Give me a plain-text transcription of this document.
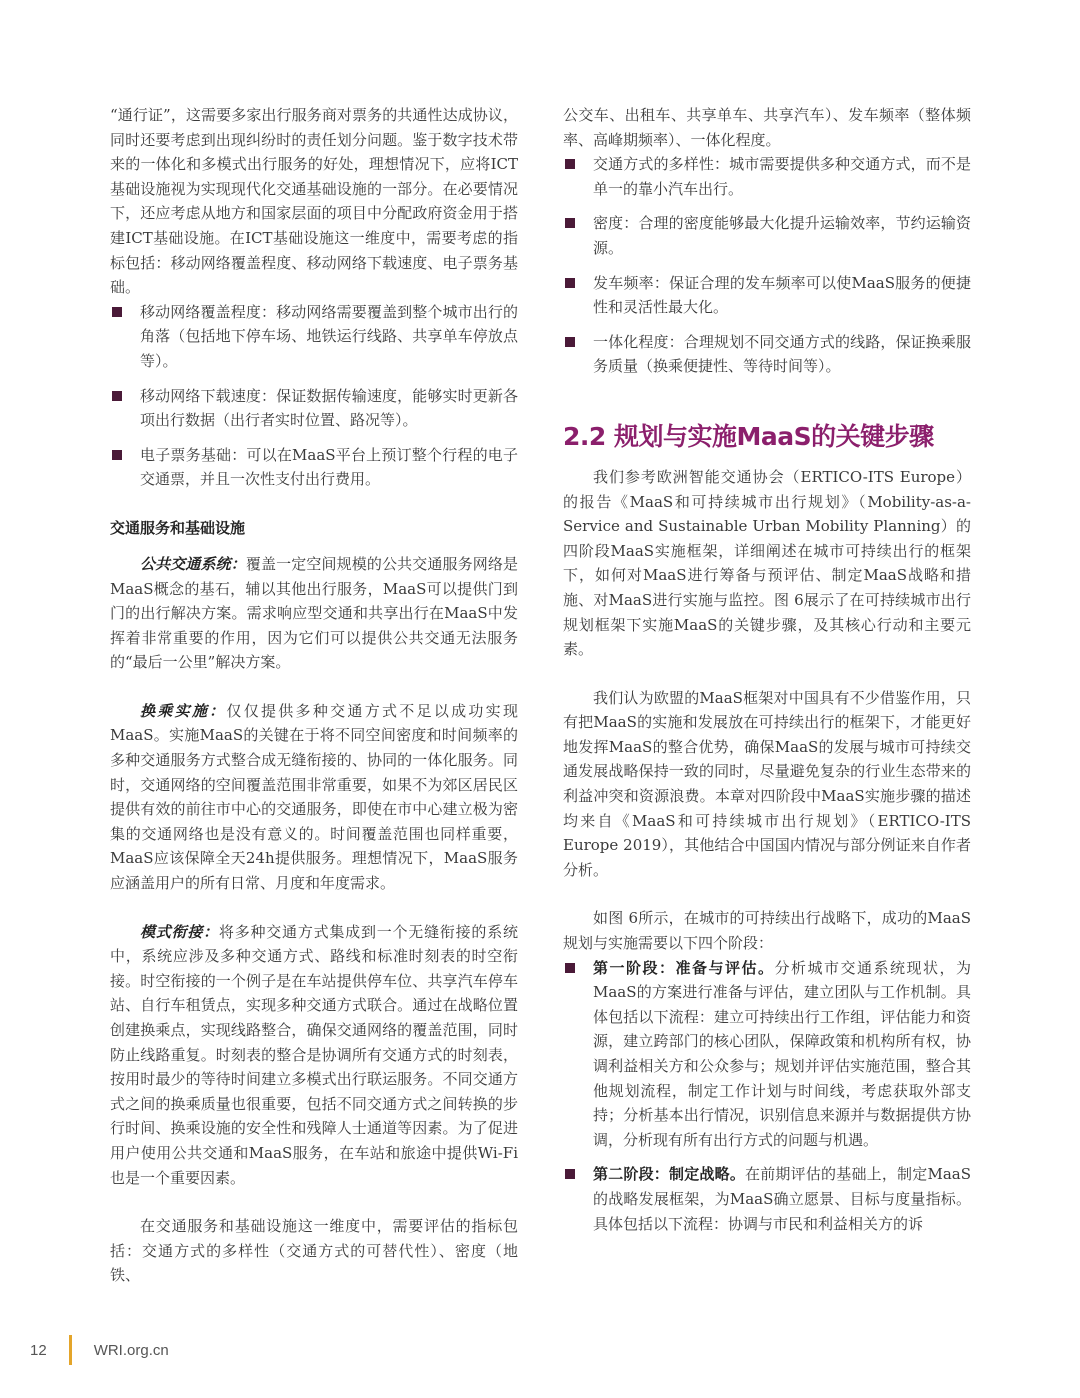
“通行证”，这需要多家出行服务商对票务的共通性达成协议，同时还要考虑到出现纠纷时的责任划分问题。鉴于数字技术带来的一体化和多模式出行服务的好处，理想情况下，应将ICT基础设施视为实现现代化交通基础设施的一部分。在必要情况下，还应考虑从地方和国家层面的项目中分配政府资金用于搭建ICT基础设施。在ICT基础设施这一维度中，需要考虑的指标包括：移动网络覆盖程度、移动网络下载速度、电子票务基础。

移动网络覆盖程度：移动网络需要覆盖到整个城市出行的角落（包括地下停车场、地铁运行线路、共享单车停放点等）。
移动网络下载速度：保证数据传输速度，能够实时更新各项出行数据（出行者实时位置、路况等）。
电子票务基础：可以在MaaS平台上预订整个行程的电子交通票，并且一次性支付出行费用。
交通服务和基础设施

公共交通系统：覆盖一定空间规模的公共交通服务网络是MaaS概念的基石，辅以其他出行服务，MaaS可以提供门到门的出行解决方案。需求响应型交通和共享出行在MaaS中发挥着非常重要的作用，因为它们可以提供公共交通无法服务的“最后一公里”解决方案。

换乘实施：仅仅提供多种交通方式不足以成功实现MaaS。实施MaaS的关键在于将不同空间密度和时间频率的多种交通服务方式整合成无缝衔接的、协同的一体化服务。同时，交通网络的空间覆盖范围非常重要，如果不为郊区居民区提供有效的前往市中心的交通服务，即使在市中心建立极为密集的交通网络也是没有意义的。时间覆盖范围也同样重要，MaaS应该保障全天24h提供服务。理想情况下，MaaS服务应涵盖用户的所有日常、月度和年度需求。

模式衔接：将多种交通方式集成到一个无缝衔接的系统中，系统应涉及多种交通方式、路线和标准时刻表的时空衔接。时空衔接的一个例子是在车站提供停车位、共享汽车停车站、自行车租赁点，实现多种交通方式联合。通过在战略位置创建换乘点，实现线路整合，确保交通网络的覆盖范围，同时防止线路重复。时刻表的整合是协调所有交通方式的时刻表，按用时最少的等待时间建立多模式出行联运服务。不同交通方式之间的换乘质量也很重要，包括不同交通方式之间转换的步行时间、换乘设施的安全性和残障人士通道等因素。为了促进用户使用公共交通和MaaS服务，在车站和旅途中提供Wi-Fi也是一个重要因素。

在交通服务和基础设施这一维度中，需要评估的指标包括：交通方式的多样性（交通方式的可替代性）、密度（地铁、

公交车、出租车、共享单车、共享汽车）、发车频率（整体频率、高峰期频率）、一体化程度。

交通方式的多样性：城市需要提供多种交通方式，而不是单一的靠小汽车出行。
密度：合理的密度能够最大化提升运输效率，节约运输资源。
发车频率：保证合理的发车频率可以使MaaS服务的便捷性和灵活性最大化。
一体化程度：合理规划不同交通方式的线路，保证换乘服务质量（换乘便捷性、等待时间等）。
2.2 规划与实施MaaS的关键步骤

我们参考欧洲智能交通协会（ERTICO-ITS Europe）的报告《MaaS和可持续城市出行规划》（Mobility-as-a-Service and Sustainable Urban Mobility Planning）的四阶段MaaS实施框架，详细阐述在城市可持续出行的框架下，如何对MaaS进行筹备与预评估、制定MaaS战略和措施、对MaaS进行实施与监控。图 6展示了在可持续城市出行规划框架下实施MaaS的关键步骤，及其核心行动和主要元素。

我们认为欧盟的MaaS框架对中国具有不少借鉴作用，只有把MaaS的实施和发展放在可持续出行的框架下，才能更好地发挥MaaS的整合优势，确保MaaS的发展与城市可持续交通发展战略保持一致的同时，尽量避免复杂的行业生态带来的利益冲突和资源浪费。本章对四阶段中MaaS实施步骤的描述均来自《MaaS和可持续城市出行规划》（ERTICO-ITS Europe 2019），其他结合中国国内情况与部分例证来自作者分析。

如图 6所示，在城市的可持续出行战略下，成功的MaaS规划与实施需要以下四个阶段：

第一阶段：准备与评估。分析城市交通系统现状，为MaaS的方案进行准备与评估，建立团队与工作机制。具体包括以下流程：建立可持续出行工作组，评估能力和资源，建立跨部门的核心团队，保障政策和机构所有权，协调利益相关方和公众参与；规划并评估实施范围，整合其他规划流程，制定工作计划与时间线，考虑获取外部支持；分析基本出行情况，识别信息来源并与数据提供方协调，分析现有所有出行方式的问题与机遇。
第二阶段：制定战略。在前期评估的基础上，制定MaaS的战略发展框架，为MaaS确立愿景、目标与度量指标。具体包括以下流程：协调与市民和利益相关方的诉
12	WRI.org.cn
